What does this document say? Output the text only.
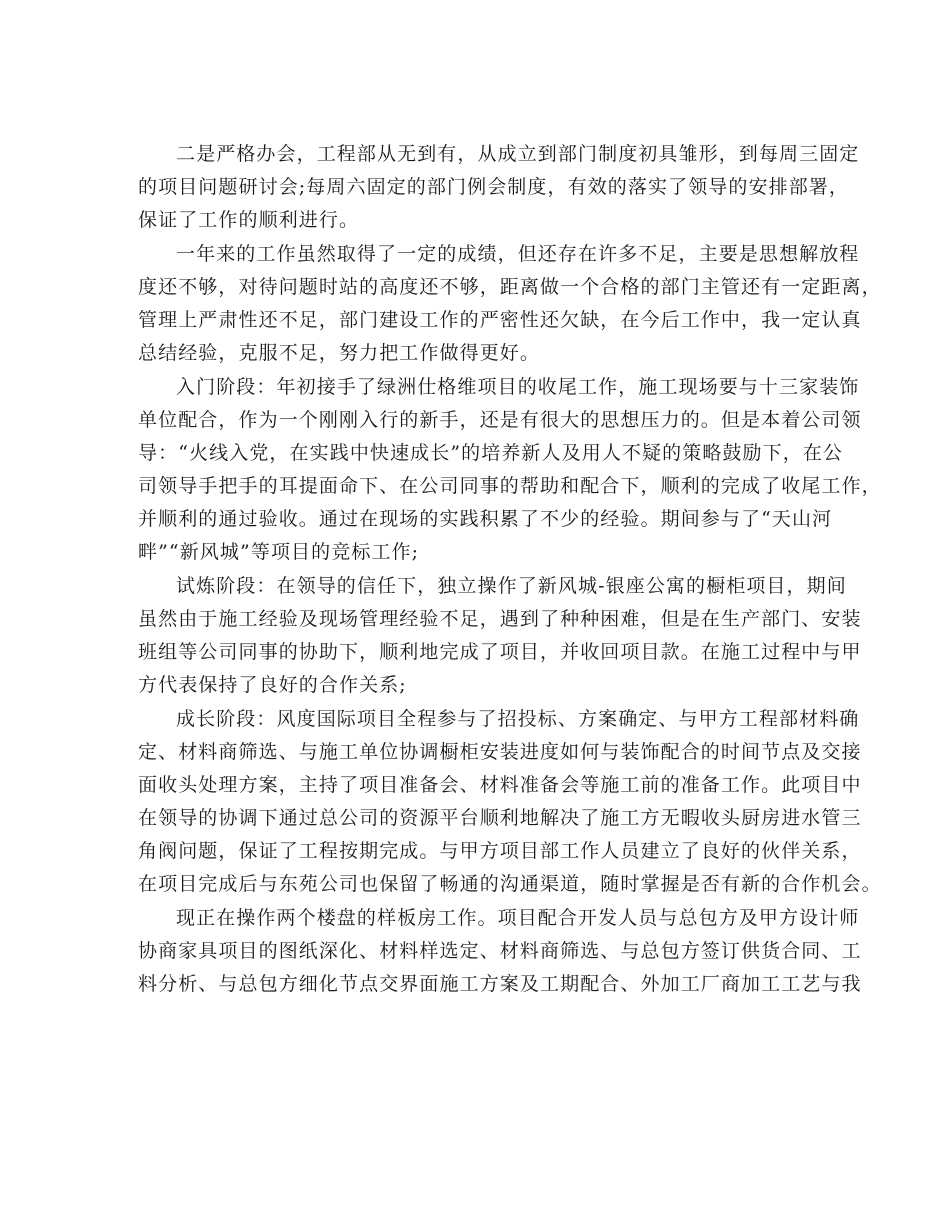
二是严格办会，工程部从无到有，从成立到部门制度初具雏形，到每周三固定

的项目问题研讨会;每周六固定的部门例会制度，有效的落实了领导的安排部署，

保证了工作的顺利进行。

一年来的工作虽然取得了一定的成绩，但还存在许多不足，主要是思想解放程

度还不够，对待问题时站的高度还不够，距离做一个合格的部门主管还有一定距离，

管理上严肃性还不足，部门建设工作的严密性还欠缺，在今后工作中，我一定认真

总结经验，克服不足，努力把工作做得更好。

入门阶段：年初接手了绿洲仕格维项目的收尾工作，施工现场要与十三家装饰

单位配合，作为一个刚刚入行的新手，还是有很大的思想压力的。但是本着公司领

导：“火线入党，在实践中快速成长”的培养新人及用人不疑的策略鼓励下，在公

司领导手把手的耳提面命下、在公司同事的帮助和配合下，顺利的完成了收尾工作，

并顺利的通过验收。通过在现场的实践积累了不少的经验。期间参与了“天山河

畔”“新风城”等项目的竞标工作;

试炼阶段：在领导的信任下，独立操作了新风城-银座公寓的橱柜项目，期间

虽然由于施工经验及现场管理经验不足，遇到了种种困难，但是在生产部门、安装

班组等公司同事的协助下，顺利地完成了项目，并收回项目款。在施工过程中与甲

方代表保持了良好的合作关系;

成长阶段：风度国际项目全程参与了招投标、方案确定、与甲方工程部材料确

定、材料商筛选、与施工单位协调橱柜安装进度如何与装饰配合的时间节点及交接

面收头处理方案，主持了项目准备会、材料准备会等施工前的准备工作。此项目中

在领导的协调下通过总公司的资源平台顺利地解决了施工方无暇收头厨房进水管三

角阀问题，保证了工程按期完成。与甲方项目部工作人员建立了良好的伙伴关系，

在项目完成后与东苑公司也保留了畅通的沟通渠道，随时掌握是否有新的合作机会。

现正在操作两个楼盘的样板房工作。项目配合开发人员与总包方及甲方设计师

协商家具项目的图纸深化、材料样选定、材料商筛选、与总包方签订供货合同、工

料分析、与总包方细化节点交界面施工方案及工期配合、外加工厂商加工工艺与我
